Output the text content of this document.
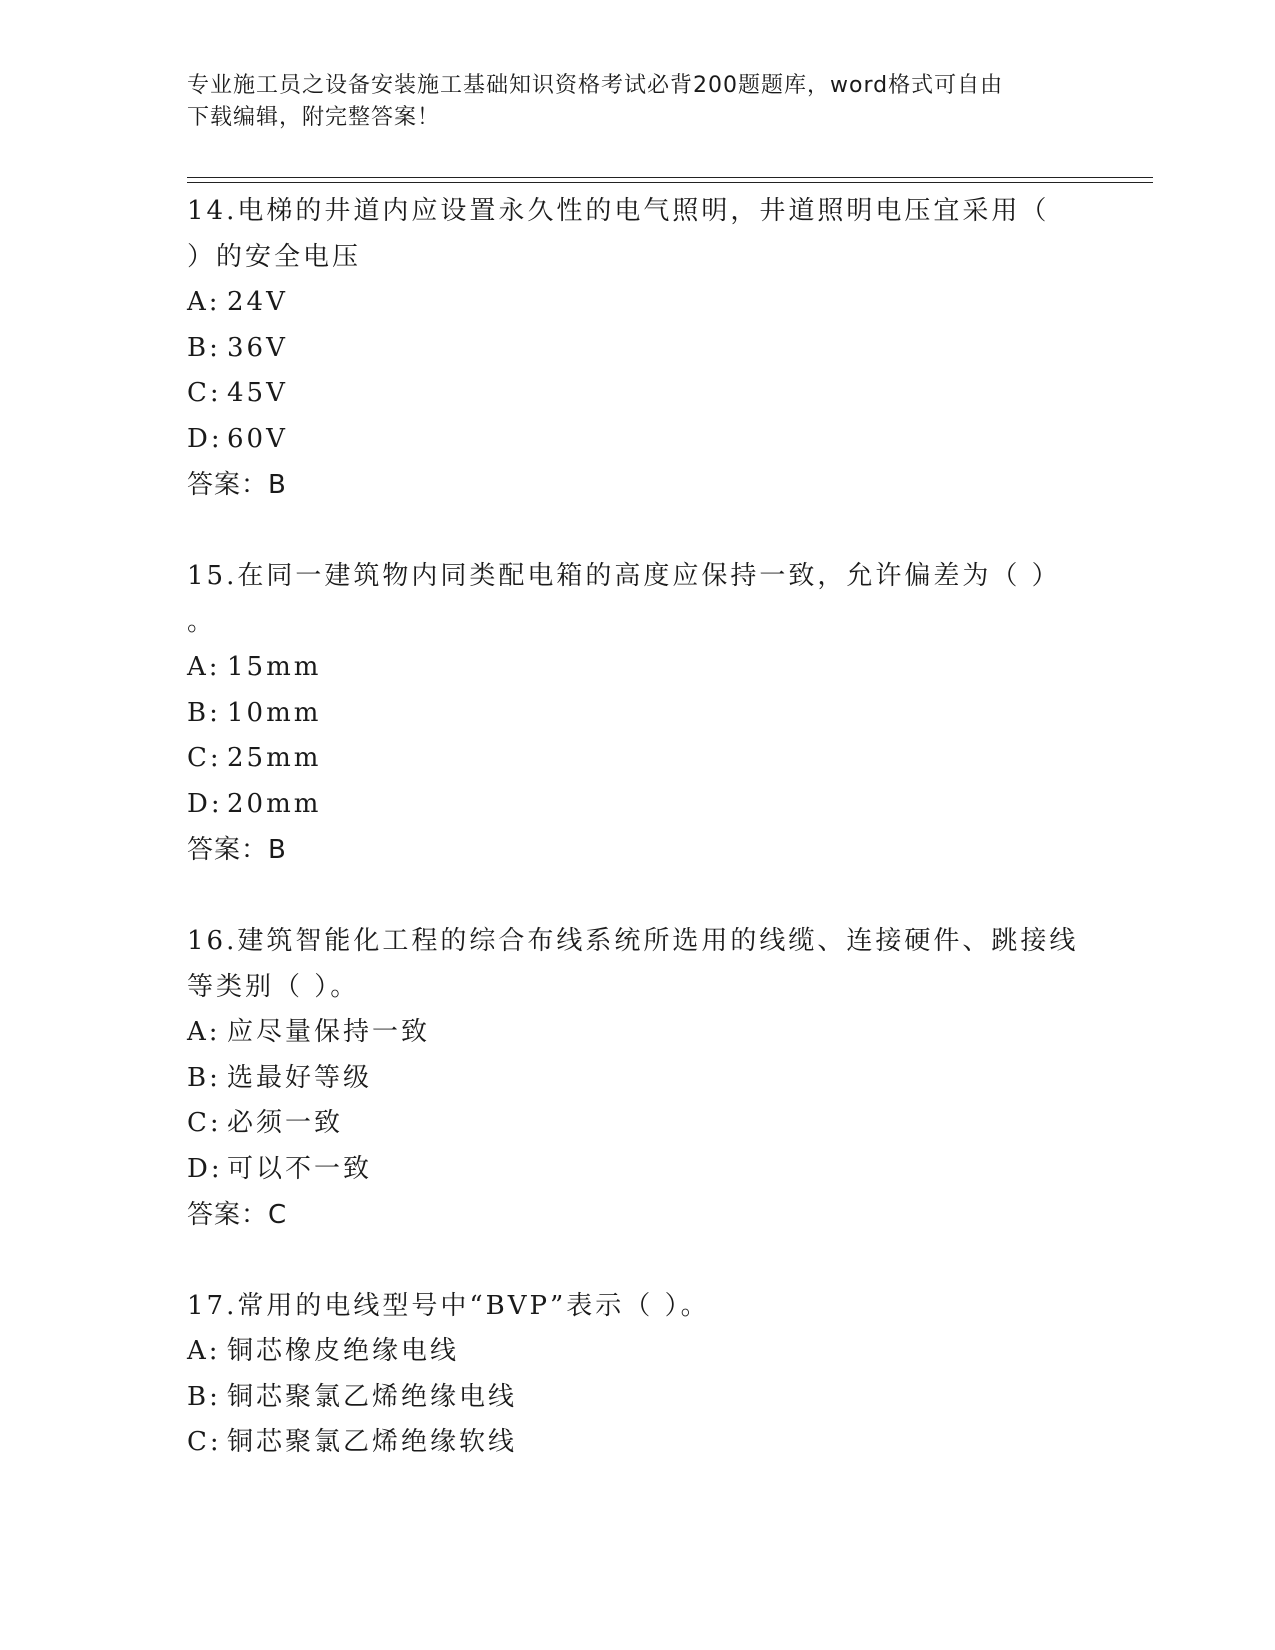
专业施工员之设备安装施工基础知识资格考试必背200题题库，word格式可自由
下载编辑，附完整答案！
14.电梯的井道内应设置永久性的电气照明，井道照明电压宜采用（
）的安全电压
A: 24V
B: 36V
C: 45V
D: 60V
答案：B
15.在同一建筑物内同类配电箱的高度应保持一致，允许偏差为（ ）
。
A: 15mm
B: 10mm
C: 25mm
D: 20mm
答案：B
16.建筑智能化工程的综合布线系统所选用的线缆、连接硬件、跳接线
等类别（ ）。
A: 应尽量保持一致
B: 选最好等级
C: 必须一致
D: 可以不一致
答案：C
17.常用的电线型号中“BVP”表示（ ）。
A: 铜芯橡皮绝缘电线
B: 铜芯聚氯乙烯绝缘电线
C: 铜芯聚氯乙烯绝缘软线
